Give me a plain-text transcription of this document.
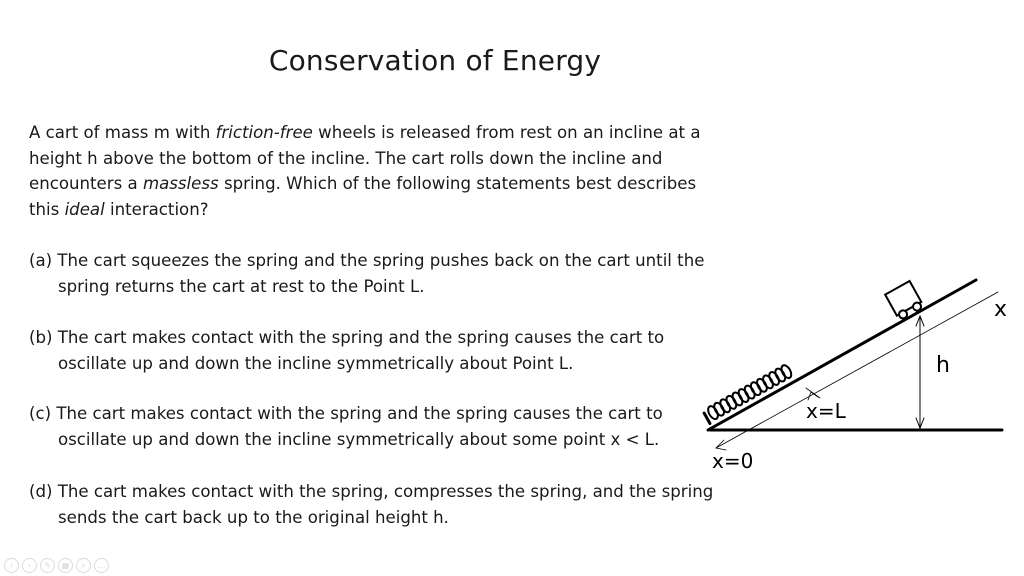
Conservation of Energy

A cart of mass m with friction-free wheels is released from rest on an incline at a height h above the bottom of the incline. The cart rolls down the incline and encounters a massless spring. Which of the following statements best describes this ideal interaction?

(a) The cart squeezes the spring and the spring pushes back on the cart until the
spring returns the cart at rest to the Point L.

(b) The cart makes contact with the spring and the spring causes the cart to
oscillate up and down the incline symmetrically about Point L.

(c) The cart makes contact with the spring and the spring causes the cart to
oscillate up and down the incline symmetrically about some point x < L.

(d) The cart makes contact with the spring, compresses the spring, and the spring
sends the cart back up to the original height h.

x
h
x=L
x=0
‹	›	✎	▦	⌕	…
